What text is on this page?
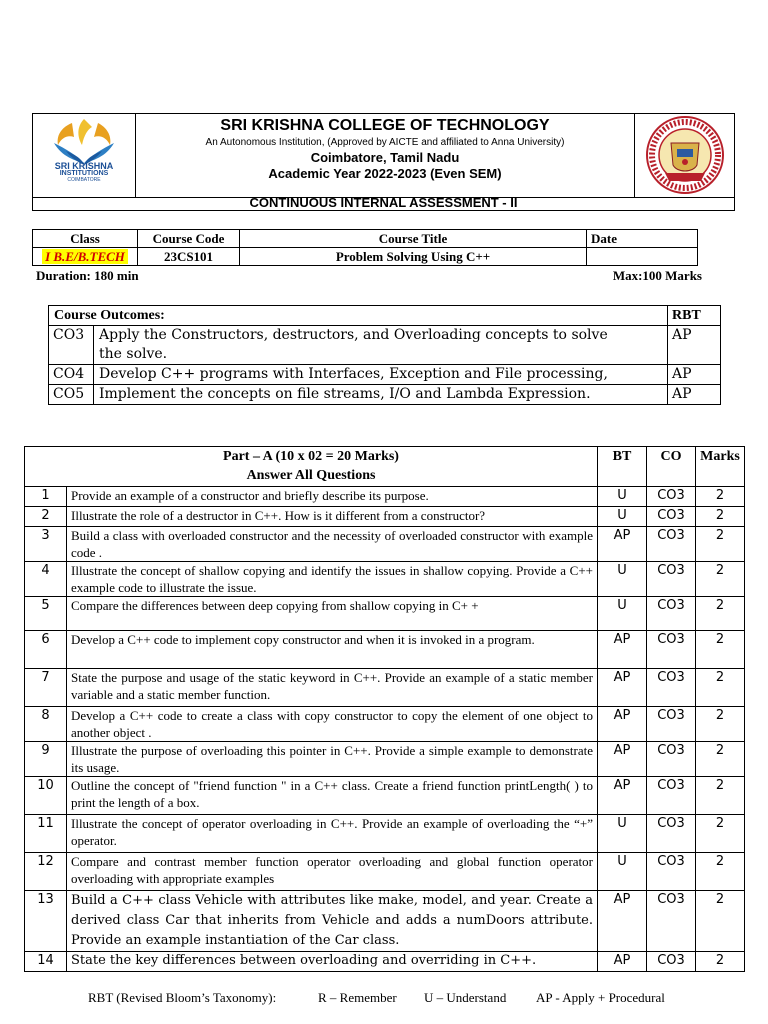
SRI KRISHNA
INSTITUTIONS
COIMBATORE
SRI KRISHNA COLLEGE OF TECHNOLOGY
An Autonomous Institution, (Approved by AICTE and affiliated to Anna University)
Coimbatore, Tamil Nadu
Academic Year 2022-2023 (Even SEM)
CONTINUOUS INTERNAL ASSESSMENT - II
Class	Course Code	Course Title	Date
I B.E/B.TECH	23CS101	Problem Solving Using C++	
Duration: 180 min	Max:100 Marks
Course Outcomes:		RBT
CO3	Apply the Constructors, destructors, and Overloading concepts to solve the solve.	AP
CO4	Develop C++ programs with Interfaces, Exception and File processing,	AP
CO5	Implement the concepts on file streams, I/O and Lambda Expression.	AP
Part – A (10 x 02 = 20 Marks)
Answer All Questions		BT	CO	Marks
1	Provide an example of a constructor and briefly describe its purpose.	U	CO3	2
2	Illustrate the role of a destructor in C++. How is it different from a constructor?	U	CO3	2
3	Build a class with overloaded constructor and the necessity of overloaded constructor with example code .	AP	CO3	2
4	Illustrate the concept of shallow copying and identify the issues in shallow copying. Provide a C++ example code to illustrate the issue.	U	CO3	2
5	Compare the differences between deep copying from shallow copying in C+ +	U	CO3	2
6	Develop a C++ code to implement copy constructor and when it is invoked in a program.	AP	CO3	2
7	State the purpose and usage of the static keyword in C++. Provide an example of a static member variable and a static member function.	AP	CO3	2
8	Develop a C++ code to create a class with copy constructor to copy the element of one object to another object .	AP	CO3	2
9	Illustrate the purpose of overloading this pointer in C++. Provide a simple example to demonstrate its usage.	AP	CO3	2
10	Outline the concept of "friend function " in a C++ class. Create a friend function printLength( ) to print the length of a box.	AP	CO3	2
11	Illustrate the concept of operator overloading in C++. Provide an example of overloading the “+” operator.	U	CO3	2
12	Compare and contrast member function operator overloading and global function operator overloading with appropriate examples	U	CO3	2
13	Build a C++ class Vehicle with attributes like make, model, and year. Create a derived class Car that inherits from Vehicle and adds a numDoors attribute. Provide an example instantiation of the Car class.	AP	CO3	2
14	State the key differences between overloading and overriding in C++.	AP	CO3	2
RBT (Revised Bloom’s Taxonomy):	R – Remember U – Understand AP - Apply + Procedural
